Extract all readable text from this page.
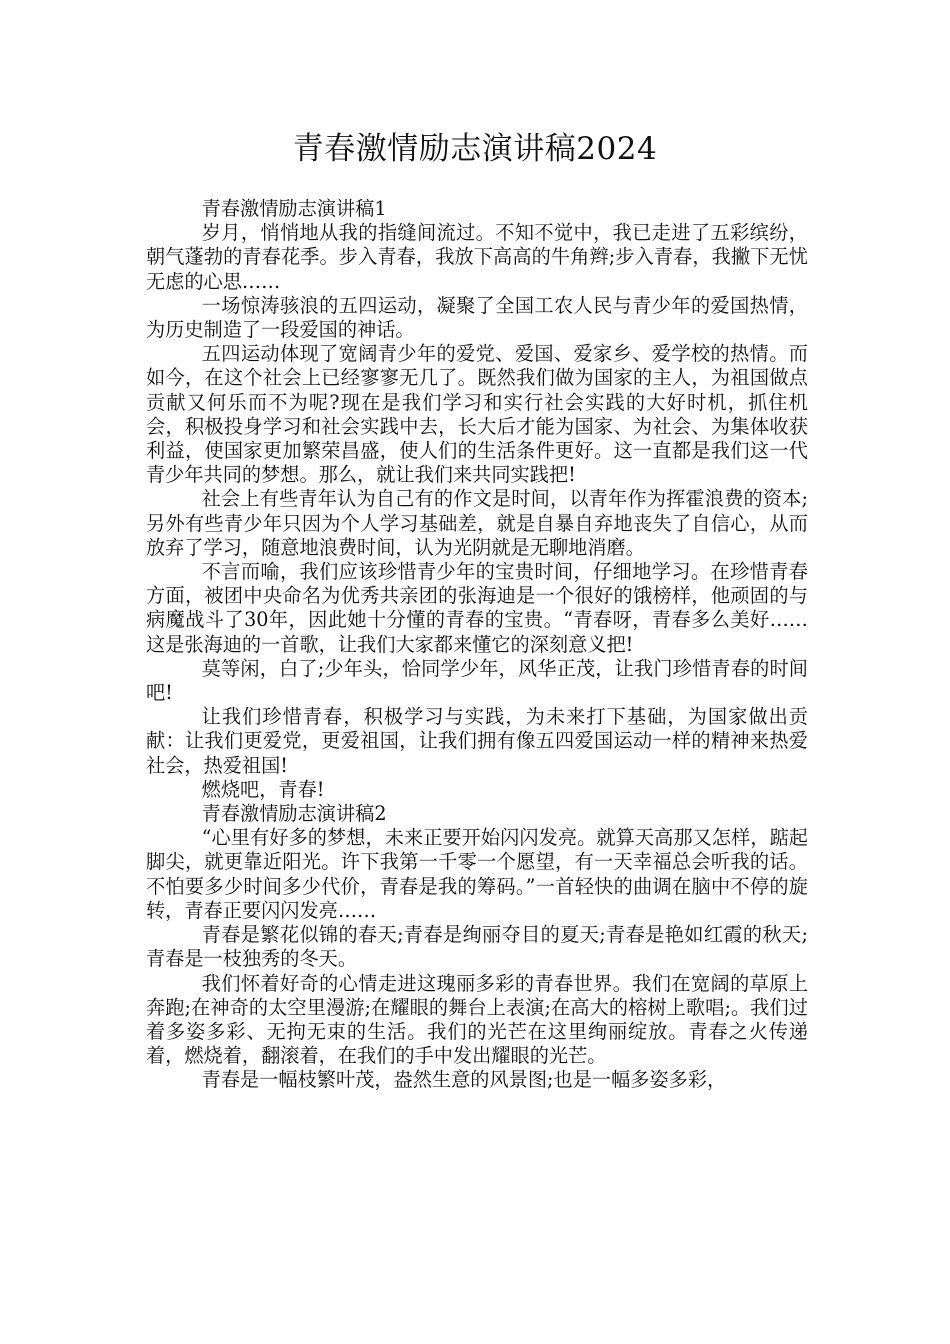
青春激情励志演讲稿2024

青春激情励志演讲稿1

岁月，悄悄地从我的指缝间流过。不知不觉中，我已走进了五彩缤纷，朝气蓬勃的青春花季。步入青春，我放下高高的牛角辫;步入青春，我撇下无忧无虑的心思……

一场惊涛骇浪的五四运动，凝聚了全国工农人民与青少年的爱国热情，为历史制造了一段爱国的神话。

五四运动体现了宽阔青少年的爱党、爱国、爱家乡、爱学校的热情。而如今，在这个社会上已经寥寥无几了。既然我们做为国家的主人，为祖国做点贡献又何乐而不为呢?现在是我们学习和实行社会实践的大好时机，抓住机会，积极投身学习和社会实践中去，长大后才能为国家、为社会、为集体收获利益，使国家更加繁荣昌盛，使人们的生活条件更好。这一直都是我们这一代青少年共同的梦想。那么，就让我们来共同实践把!

社会上有些青年认为自己有的作文是时间，以青年作为挥霍浪费的资本;另外有些青少年只因为个人学习基础差，就是自暴自弃地丧失了自信心，从而放弃了学习，随意地浪费时间，认为光阴就是无聊地消磨。

不言而喻，我们应该珍惜青少年的宝贵时间，仔细地学习。在珍惜青春方面，被团中央命名为优秀共亲团的张海迪是一个很好的饿榜样，他顽固的与病魔战斗了30年，因此她十分懂的青春的宝贵。“青春呀，青春多么美好……这是张海迪的一首歌，让我们大家都来懂它的深刻意义把!

莫等闲，白了;少年头，恰同学少年，风华正茂，让我门珍惜青春的时间吧!

让我们珍惜青春，积极学习与实践，为未来打下基础，为国家做出贡献：让我们更爱党，更爱祖国，让我们拥有像五四爱国运动一样的精神来热爱社会，热爱祖国!

燃烧吧，青春!

青春激情励志演讲稿2

“心里有好多的梦想，未来正要开始闪闪发亮。就算天高那又怎样，踮起脚尖，就更靠近阳光。许下我第一千零一个愿望，有一天幸福总会听我的话。不怕要多少时间多少代价，青春是我的筹码。”一首轻快的曲调在脑中不停的旋转，青春正要闪闪发亮……

青春是繁花似锦的春天;青春是绚丽夺目的夏天;青春是艳如红霞的秋天;青春是一枝独秀的冬天。

我们怀着好奇的心情走进这瑰丽多彩的青春世界。我们在宽阔的草原上奔跑;在神奇的太空里漫游;在耀眼的舞台上表演;在高大的榕树上歌唱;。我们过着多姿多彩、无拘无束的生活。我们的光芒在这里绚丽绽放。青春之火传递着，燃烧着，翻滚着，在我们的手中发出耀眼的光芒。

青春是一幅枝繁叶茂，盎然生意的风景图;也是一幅多姿多彩，
